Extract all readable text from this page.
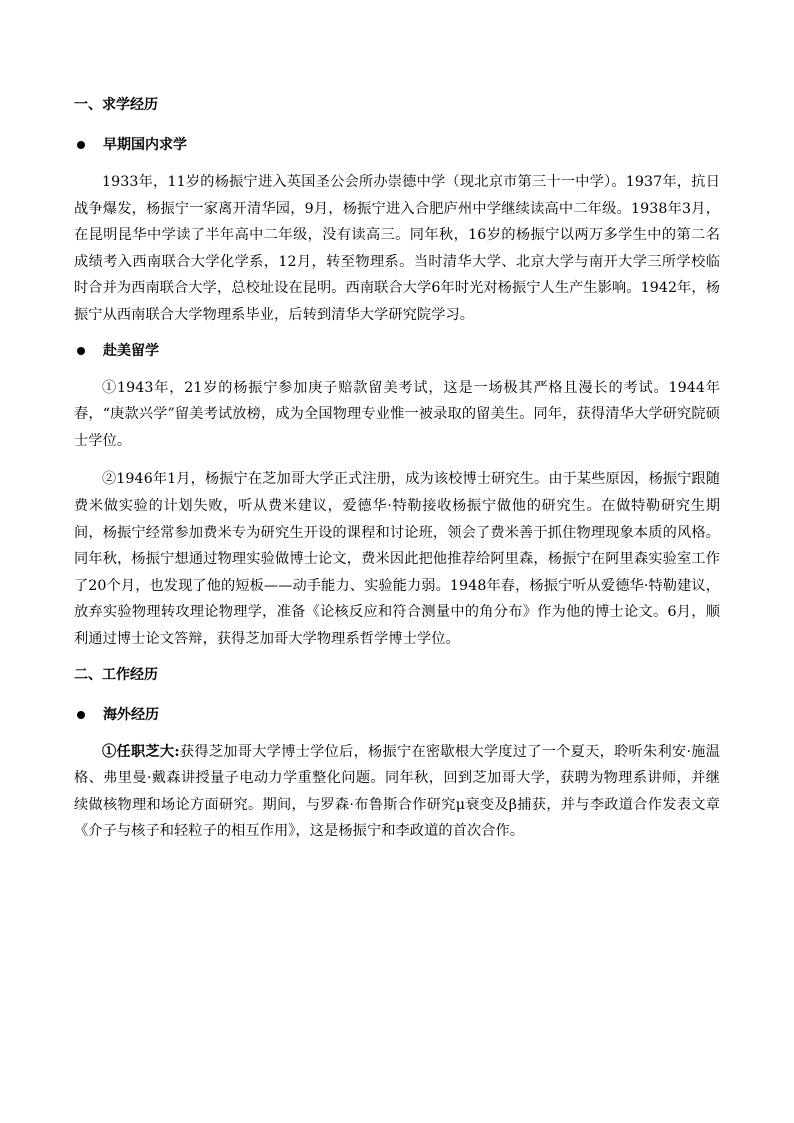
一、求学经历
早期国内求学

1933年，11岁的杨振宁进入英国圣公会所办崇德中学（现北京市第三十一中学）。1937年，抗日战争爆发，杨振宁一家离开清华园，9月，杨振宁进入合肥庐州中学继续读高中二年级。1938年3月，在昆明昆华中学读了半年高中二年级，没有读高三。同年秋，16岁的杨振宁以两万多学生中的第二名成绩考入西南联合大学化学系，12月，转至物理系。当时清华大学、北京大学与南开大学三所学校临时合并为西南联合大学，总校址设在昆明。西南联合大学6年时光对杨振宁人生产生影响。1942年，杨振宁从西南联合大学物理系毕业，后转到清华大学研究院学习。

赴美留学

①1943年，21岁的杨振宁参加庚子赔款留美考试，这是一场极其严格且漫长的考试。1944年春，“庚款兴学”留美考试放榜，成为全国物理专业惟一被录取的留美生。同年，获得清华大学研究院硕士学位。

②1946年1月，杨振宁在芝加哥大学正式注册，成为该校博士研究生。由于某些原因，杨振宁跟随费米做实验的计划失败，听从费米建议，爱德华·特勒接收杨振宁做他的研究生。在做特勒研究生期间，杨振宁经常参加费米专为研究生开设的课程和讨论班，领会了费米善于抓住物理现象本质的风格。同年秋，杨振宁想通过物理实验做博士论文，费米因此把他推荐给阿里森，杨振宁在阿里森实验室工作了20个月，也发现了他的短板——动手能力、实验能力弱。1948年春，杨振宁听从爱德华·特勒建议，放弃实验物理转攻理论物理学，准备《论核反应和符合测量中的角分布》作为他的博士论文。6月，顺利通过博士论文答辩，获得芝加哥大学物理系哲学博士学位。

二、工作经历
海外经历

①任职芝大:获得芝加哥大学博士学位后，杨振宁在密歇根大学度过了一个夏天，聆听朱利安·施温格、弗里曼·戴森讲授量子电动力学重整化问题。同年秋，回到芝加哥大学，获聘为物理系讲师，并继续做核物理和场论方面研究。期间，与罗森·布鲁斯合作研究μ衰变及β捕获，并与李政道合作发表文章《介子与核子和轻粒子的相互作用》，这是杨振宁和李政道的首次合作。
